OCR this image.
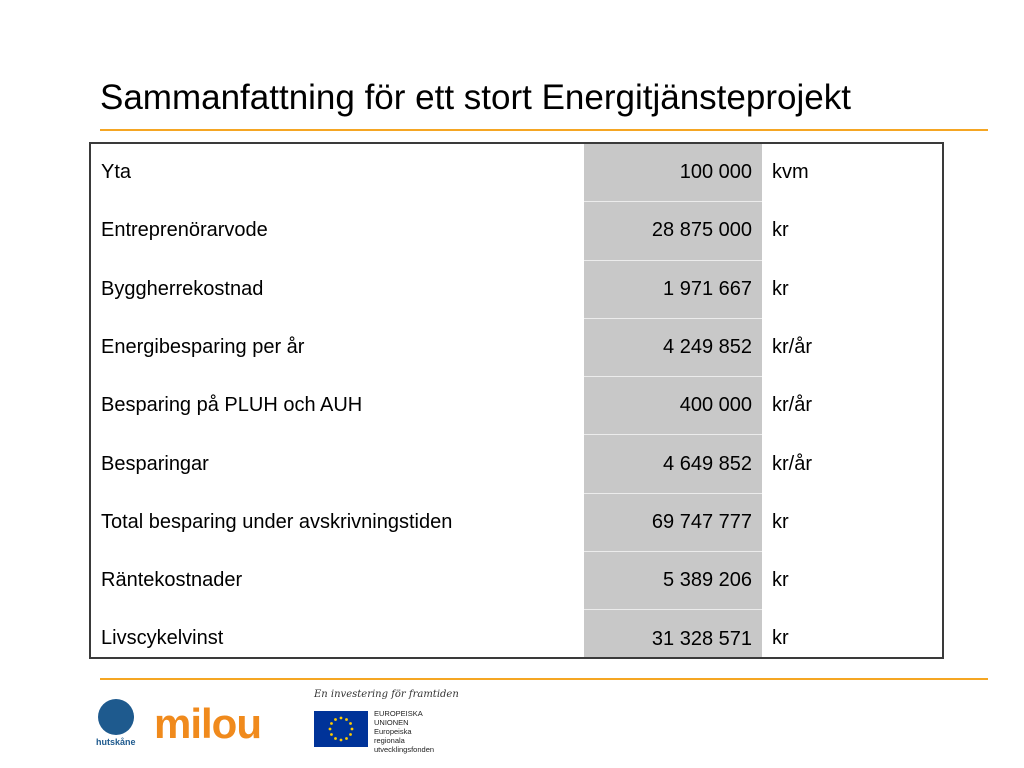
Sammanfattning för ett stort Energitjänsteprojekt
Yta	100 000	kvm
Entreprenörarvode	28 875 000	kr
Byggherrekostnad	1 971 667	kr
Energibesparing per år	4 249 852	kr/år
Besparing på PLUH och AUH	400 000	kr/år
Besparingar	4 649 852	kr/år
Total besparing under avskrivningstiden	69 747 777	kr
Räntekostnader	5 389 206	kr
Livscykelvinst	31 328 571	kr
hutskåne milou
En investering för framtiden
EUROPEISKA
UNIONEN
Europeiska
regionala
utvecklingsfonden
